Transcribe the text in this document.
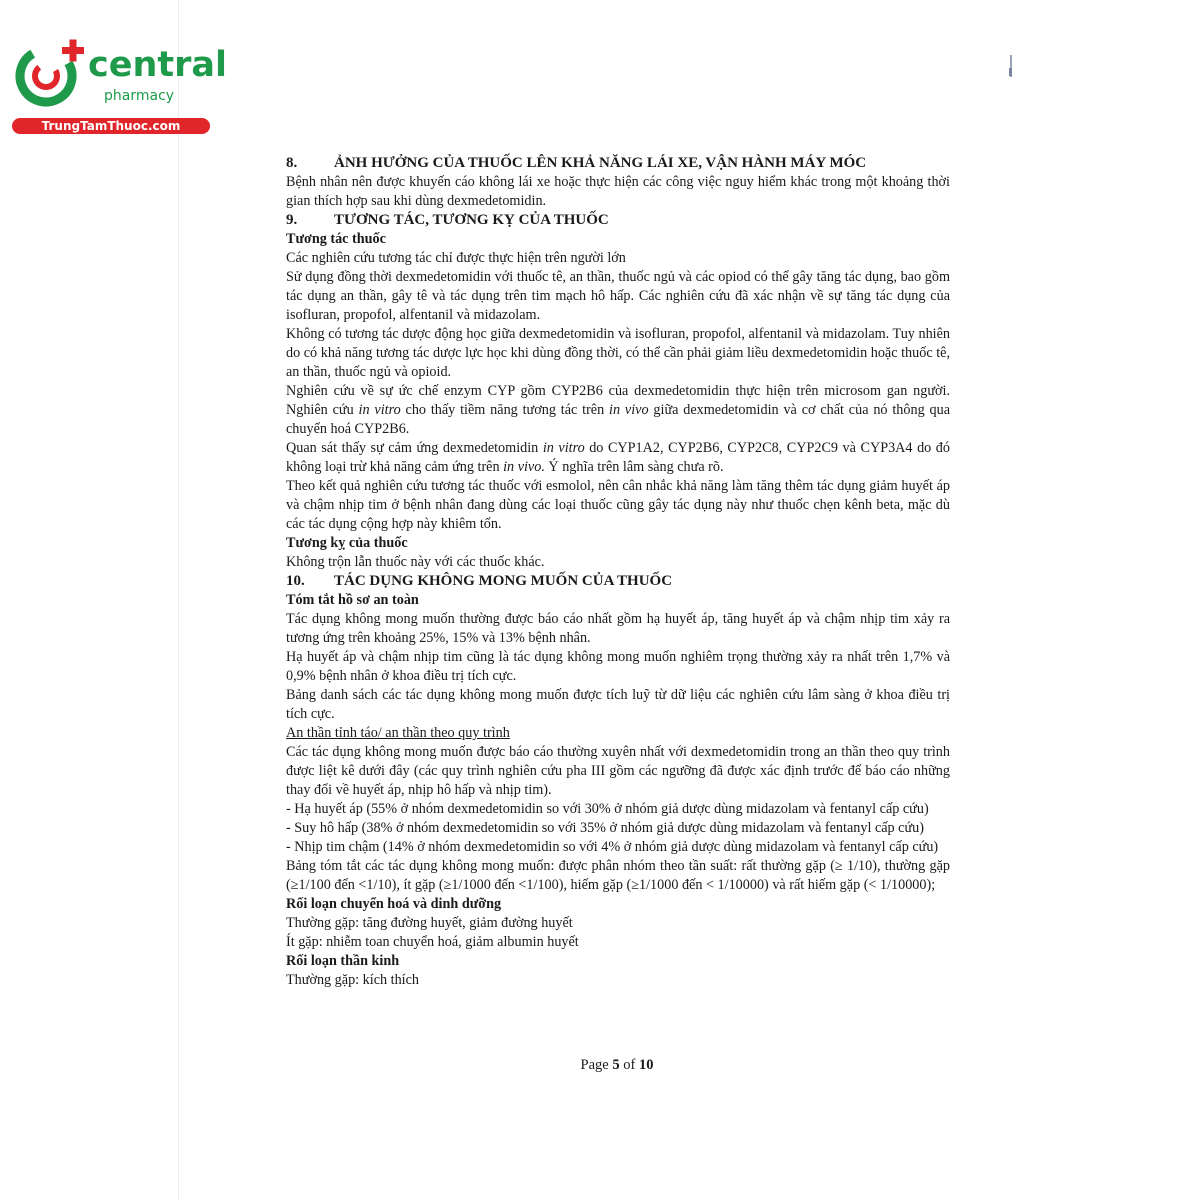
central
pharmacy
TrungTamThuoc.com

8.	ẢNH HƯỞNG CỦA THUỐC LÊN KHẢ NĂNG LÁI XE, VẬN HÀNH MÁY MÓC

Bệnh nhân nên được khuyến cáo không lái xe hoặc thực hiện các công việc nguy hiểm khác trong một khoảng thời gian thích hợp sau khi dùng dexmedetomidin.

9.	TƯƠNG TÁC, TƯƠNG KỴ CỦA THUỐC

Tương tác thuốc

Các nghiên cứu tương tác chỉ được thực hiện trên người lớn

Sử dụng đồng thời dexmedetomidin với thuốc tê, an thần, thuốc ngủ và các opiod có thể gây tăng tác dụng, bao gồm tác dụng an thần, gây tê và tác dụng trên tim mạch hô hấp. Các nghiên cứu đã xác nhận về sự tăng tác dụng của isofluran, propofol, alfentanil và midazolam.

Không có tương tác dược động học giữa dexmedetomidin và isofluran, propofol, alfentanil và midazolam. Tuy nhiên do có khả năng tương tác dược lực học khi dùng đồng thời, có thể cần phải giảm liều dexmedetomidin hoặc thuốc tê, an thần, thuốc ngủ và opioid.

Nghiên cứu về sự ức chế enzym CYP gồm CYP2B6 của dexmedetomidin thực hiện trên microsom gan người. Nghiên cứu in vitro cho thấy tiềm năng tương tác trên in vivo giữa dexmedetomidin và cơ chất của nó thông qua chuyển hoá CYP2B6.

Quan sát thấy sự cảm ứng dexmedetomidin in vitro do CYP1A2, CYP2B6, CYP2C8, CYP2C9 và CYP3A4 do đó không loại trừ khả năng cảm ứng trên in vivo. Ý nghĩa trên lâm sàng chưa rõ.

Theo kết quả nghiên cứu tương tác thuốc với esmolol, nên cân nhắc khả năng làm tăng thêm tác dụng giảm huyết áp và chậm nhịp tim ở bệnh nhân đang dùng các loại thuốc cũng gây tác dụng này như thuốc chẹn kênh beta, mặc dù các tác dụng cộng hợp này khiêm tốn.

Tương kỵ của thuốc

Không trộn lẫn thuốc này với các thuốc khác.

10.	TÁC DỤNG KHÔNG MONG MUỐN CỦA THUỐC

Tóm tắt hồ sơ an toàn

Tác dụng không mong muốn thường được báo cáo nhất gồm hạ huyết áp, tăng huyết áp và chậm nhịp tim xảy ra tương ứng trên khoảng 25%, 15% và 13% bệnh nhân.

Hạ huyết áp và chậm nhịp tim cũng là tác dụng không mong muốn nghiêm trọng thường xảy ra nhất trên 1,7% và 0,9% bệnh nhân ở khoa điều trị tích cực.

Bảng danh sách các tác dụng không mong muốn được tích luỹ từ dữ liệu các nghiên cứu lâm sàng ở khoa điều trị tích cực.

An thần tỉnh táo/ an thần theo quy trình

Các tác dụng không mong muốn được báo cáo thường xuyên nhất với dexmedetomidin trong an thần theo quy trình được liệt kê dưới đây (các quy trình nghiên cứu pha III gồm các ngưỡng đã được xác định trước để báo cáo những thay đổi về huyết áp, nhịp hô hấp và nhịp tim).

- Hạ huyết áp (55% ở nhóm dexmedetomidin so với 30% ở nhóm giả dược dùng midazolam và fentanyl cấp cứu)

- Suy hô hấp (38% ở nhóm dexmedetomidin so với 35% ở nhóm giả dược dùng midazolam và fentanyl cấp cứu)

- Nhịp tim chậm (14% ở nhóm dexmedetomidin so với 4% ở nhóm giả dược dùng midazolam và fentanyl cấp cứu)

Bảng tóm tắt các tác dụng không mong muốn: được phân nhóm theo tần suất: rất thường gặp (≥ 1/10), thường gặp (≥1/100 đến <1/10), ít gặp (≥1/1000 đến <1/100), hiếm gặp (≥1/1000 đến < 1/10000) và rất hiếm gặp (< 1/10000);

Rối loạn chuyển hoá và dinh dưỡng

Thường gặp: tăng đường huyết, giảm đường huyết

Ít gặp: nhiễm toan chuyển hoá, giảm albumin huyết

Rối loạn thần kinh

Thường gặp: kích thích

Page 5 of 10
